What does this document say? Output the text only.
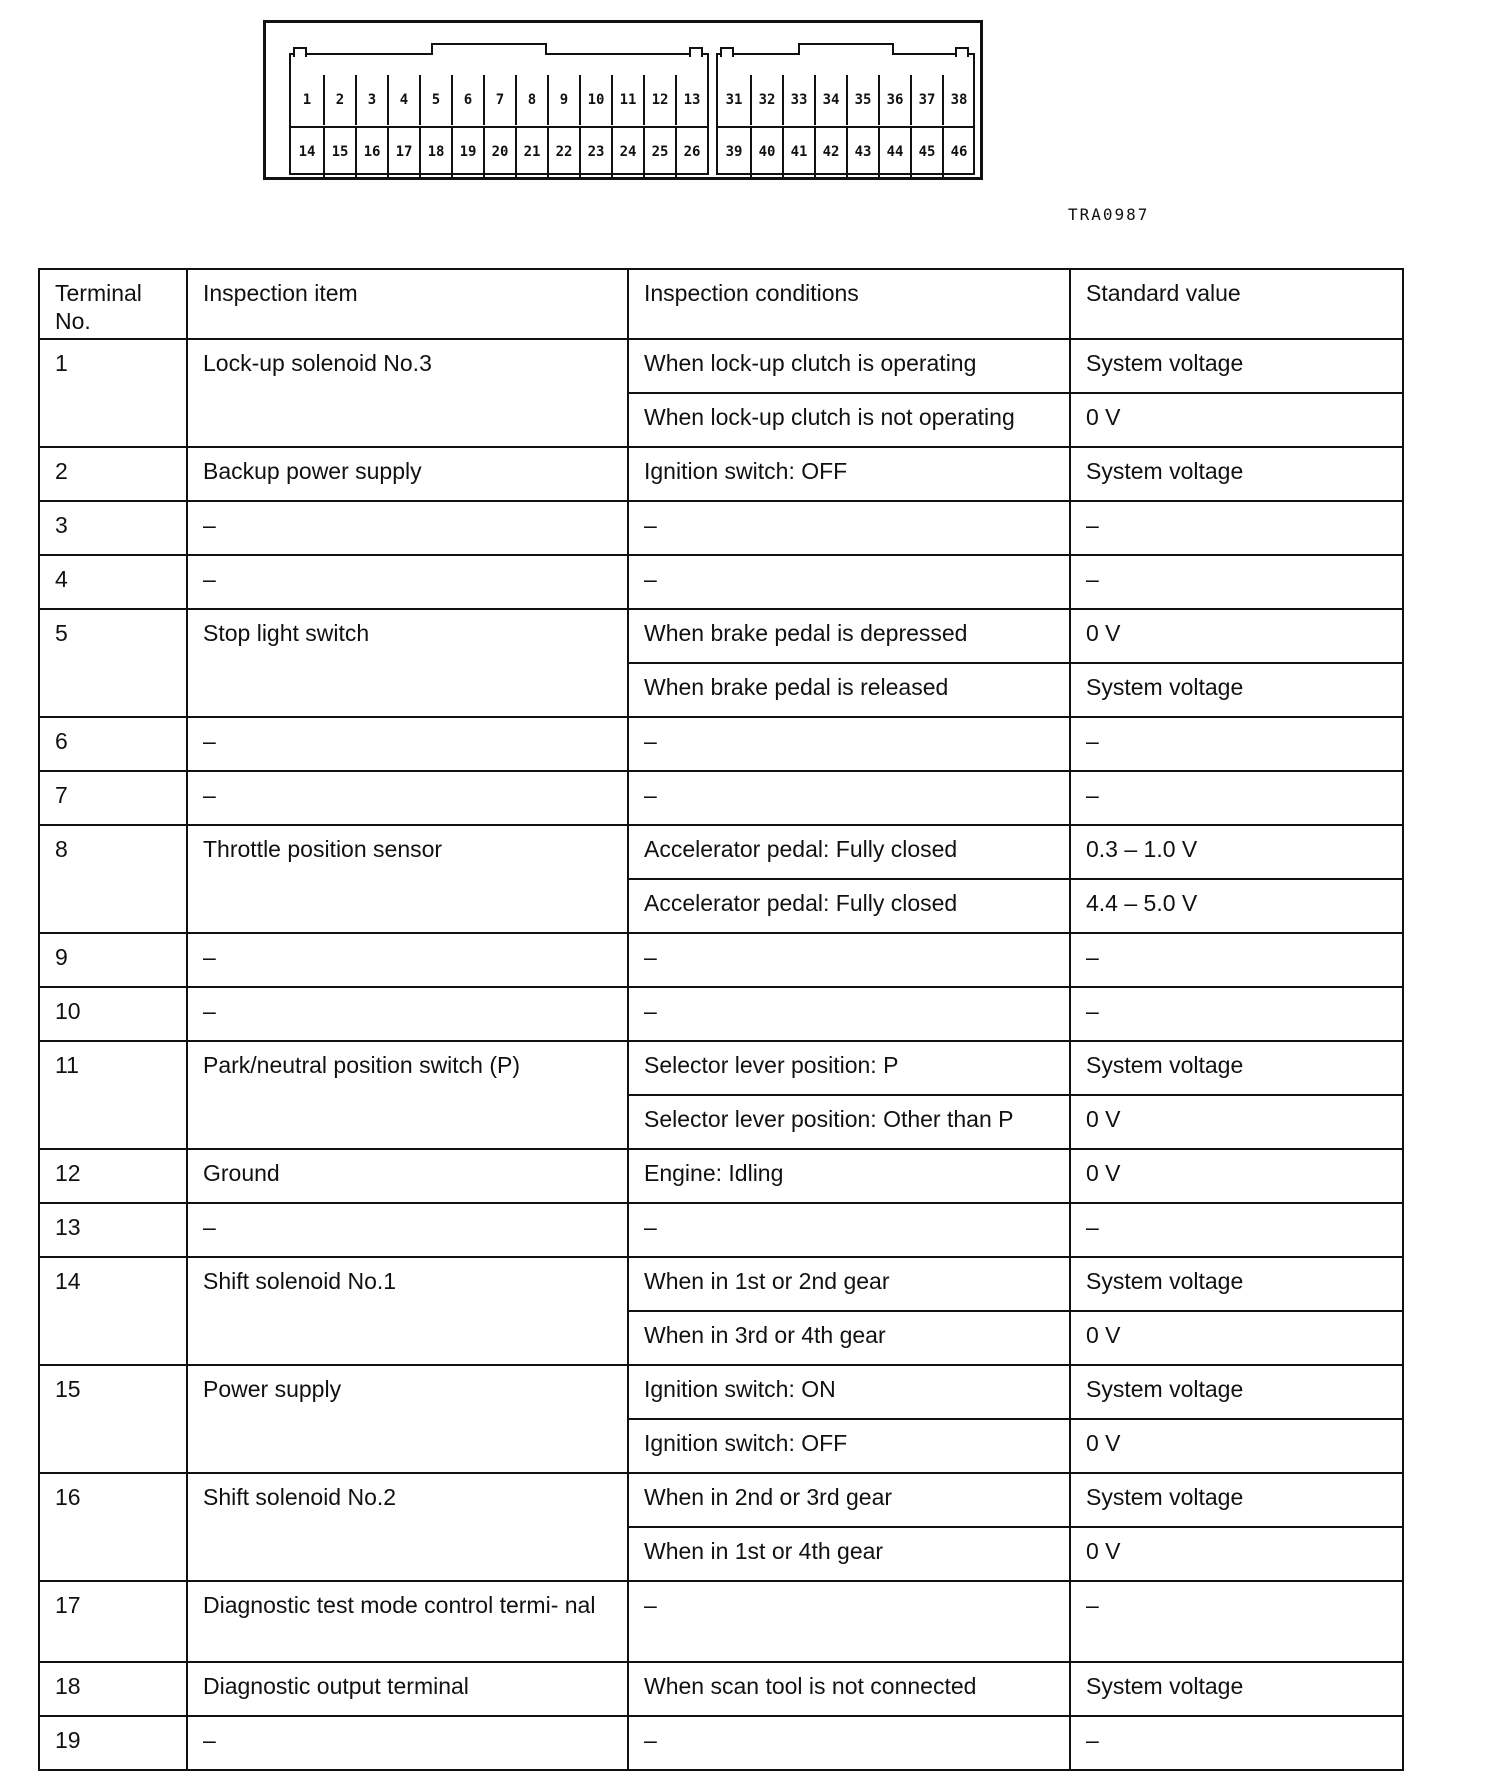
1	2	3	4	5	6	7	8	9	10	11	12	13
14	15	16	17	18	19	20	21	22	23	24	25	26
31	32	33	34	35	36	37	38
39	40	41	42	43	44	45	46
TRA0987
Terminal No.	Inspection item	Inspection conditions	Standard value
1	Lock-up solenoid No.3	When lock-up clutch is operating	System voltage
		When lock-up clutch is not operating	0 V
2	Backup power supply	Ignition switch: OFF	System voltage
3	–	–	–
4	–	–	–
5	Stop light switch	When brake pedal is depressed	0 V
		When brake pedal is released	System voltage
6	–	–	–
7	–	–	–
8	Throttle position sensor	Accelerator pedal: Fully closed	0.3 – 1.0 V
		Accelerator pedal: Fully closed	4.4 – 5.0 V
9	–	–	–
10	–	–	–
11	Park/neutral position switch (P)	Selector lever position: P	System voltage
		Selector lever position: Other than P	0 V
12	Ground	Engine: Idling	0 V
13	–	–	–
14	Shift solenoid No.1	When in 1st or 2nd gear	System voltage
		When in 3rd or 4th gear	0 V
15	Power supply	Ignition switch: ON	System voltage
		Ignition switch: OFF	0 V
16	Shift solenoid No.2	When in 2nd or 3rd gear	System voltage
		When in 1st or 4th gear	0 V
17	Diagnostic test mode control termi- nal	–	–
18	Diagnostic output terminal	When scan tool is not connected	System voltage
19	–	–	–
